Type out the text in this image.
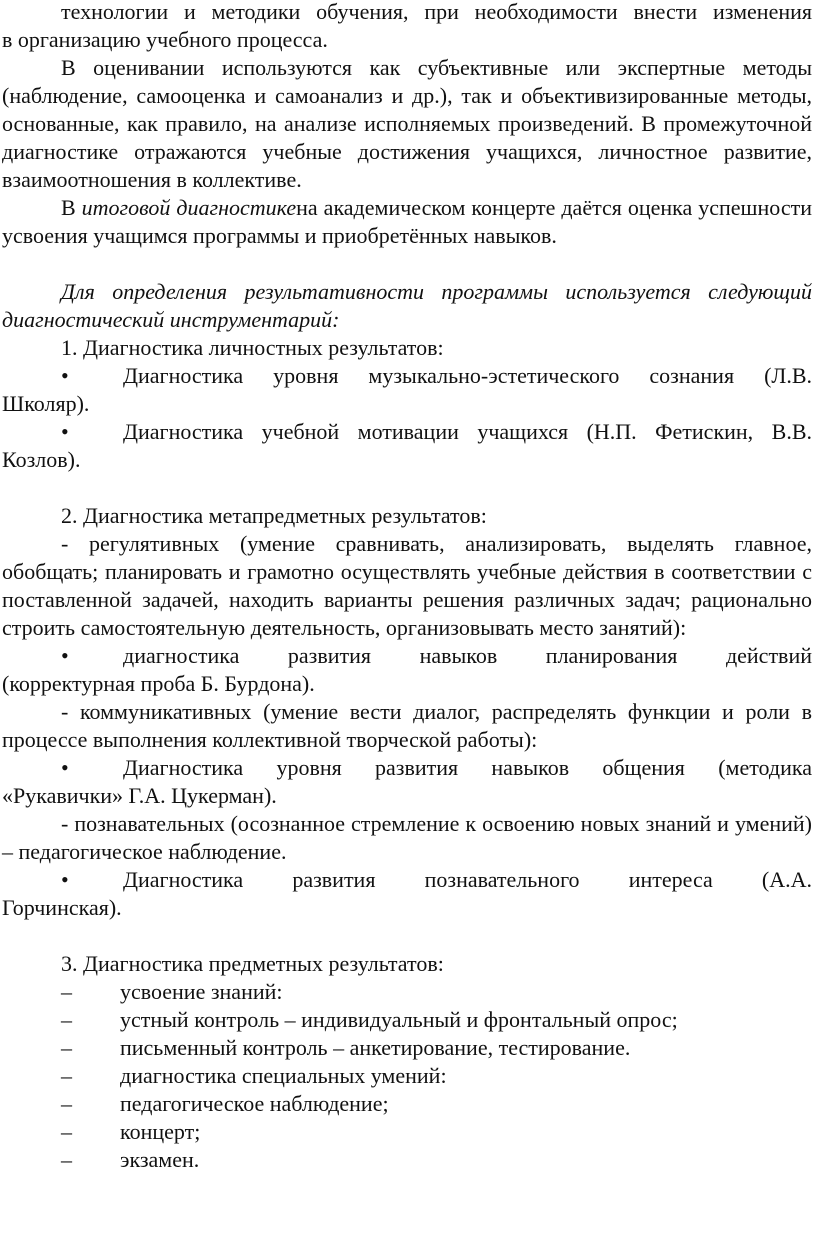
технологии и методики обучения, при необходимости внести изменения

в организацию учебного процесса.

В оценивании используются как субъективные или экспертные методы (наблюдение, самооценка и самоанализ и др.), так и объективизированные методы, основанные, как правило, на анализе исполняемых произведений. В промежуточной диагностике отражаются учебные достижения учащихся, личностное развитие, взаимоотношения в коллективе.

В итоговой диагностикена академическом концерте даётся оценка успешности усвоения учащимся программы и приобретённых навыков.

Для определения результативности программы используется следующий диагностический инструментарий:

1. Диагностика личностных результатов:

•	Диагностика уровня музыкально-эстетического сознания (Л.В.

Школяр).

•	Диагностика учебной мотивации учащихся (Н.П. Фетискин, В.В.

Козлов).

2. Диагностика метапредметных результатов:

- регулятивных (умение сравнивать, анализировать, выделять главное, обобщать; планировать и грамотно осуществлять учебные действия в соответствии с поставленной задачей, находить варианты решения различных задач; рационально строить самостоятельную деятельность, организовывать место занятий):

•	диагностика развития навыков планирования действий

(корректурная проба Б. Бурдона).

- коммуникативных (умение вести диалог, распределять функции и роли в процессе выполнения коллективной творческой работы):

•	Диагностика уровня развития навыков общения (методика

«Рукавички» Г.А. Цукерман).

- познавательных (осознанное стремление к освоению новых знаний и умений) – педагогическое наблюдение.

•	Диагностика развития познавательного интереса (А.А.

Горчинская).

3. Диагностика предметных результатов:

–	усвоение знаний:
–	устный контроль – индивидуальный и фронтальный опрос;
–	письменный контроль – анкетирование, тестирование.
–	диагностика специальных умений:
–	педагогическое наблюдение;
–	концерт;
–	экзамен.
